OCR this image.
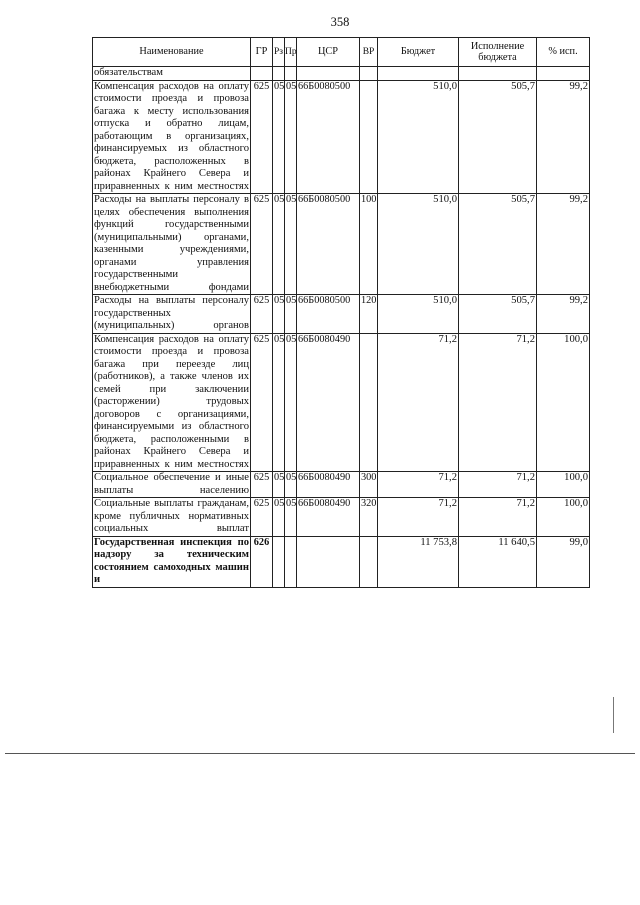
358
Наименование	ГР	Рз	Пр	ЦСР	ВР	Бюджет	Исполнение бюджета	% исп.
обязательствам								
Компенсация расходов на оплату стоимости проезда и провоза багажа к месту использования отпуска и обратно лицам, работающим в организациях, финансируемых из областного бюджета, расположенных в районах Крайнего Севера и приравненных к ним местностях	625	05	05	66Б0080500		510,0	505,7	99,2
Расходы на выплаты персоналу в целях обеспечения выполнения функций государственными (муниципальными) органами, казенными учреждениями, органами управления государственными внебюджетными фондами	625	05	05	66Б0080500	100	510,0	505,7	99,2
Расходы на выплаты персоналу государственных (муниципальных) органов	625	05	05	66Б0080500	120	510,0	505,7	99,2
Компенсация расходов на оплату стоимости проезда и провоза багажа при переезде лиц (работников), а также членов их семей при заключении (расторжении) трудовых договоров с организациями, финансируемыми из областного бюджета, расположенными в районах Крайнего Севера и приравненных к ним местностях	625	05	05	66Б0080490		71,2	71,2	100,0
Социальное обеспечение и иные выплаты населению	625	05	05	66Б0080490	300	71,2	71,2	100,0
Социальные выплаты гражданам, кроме публичных нормативных социальных выплат	625	05	05	66Б0080490	320	71,2	71,2	100,0
Государственная инспекция по надзору за техническим состоянием самоходных машин и	626					11 753,8	11 640,5	99,0
